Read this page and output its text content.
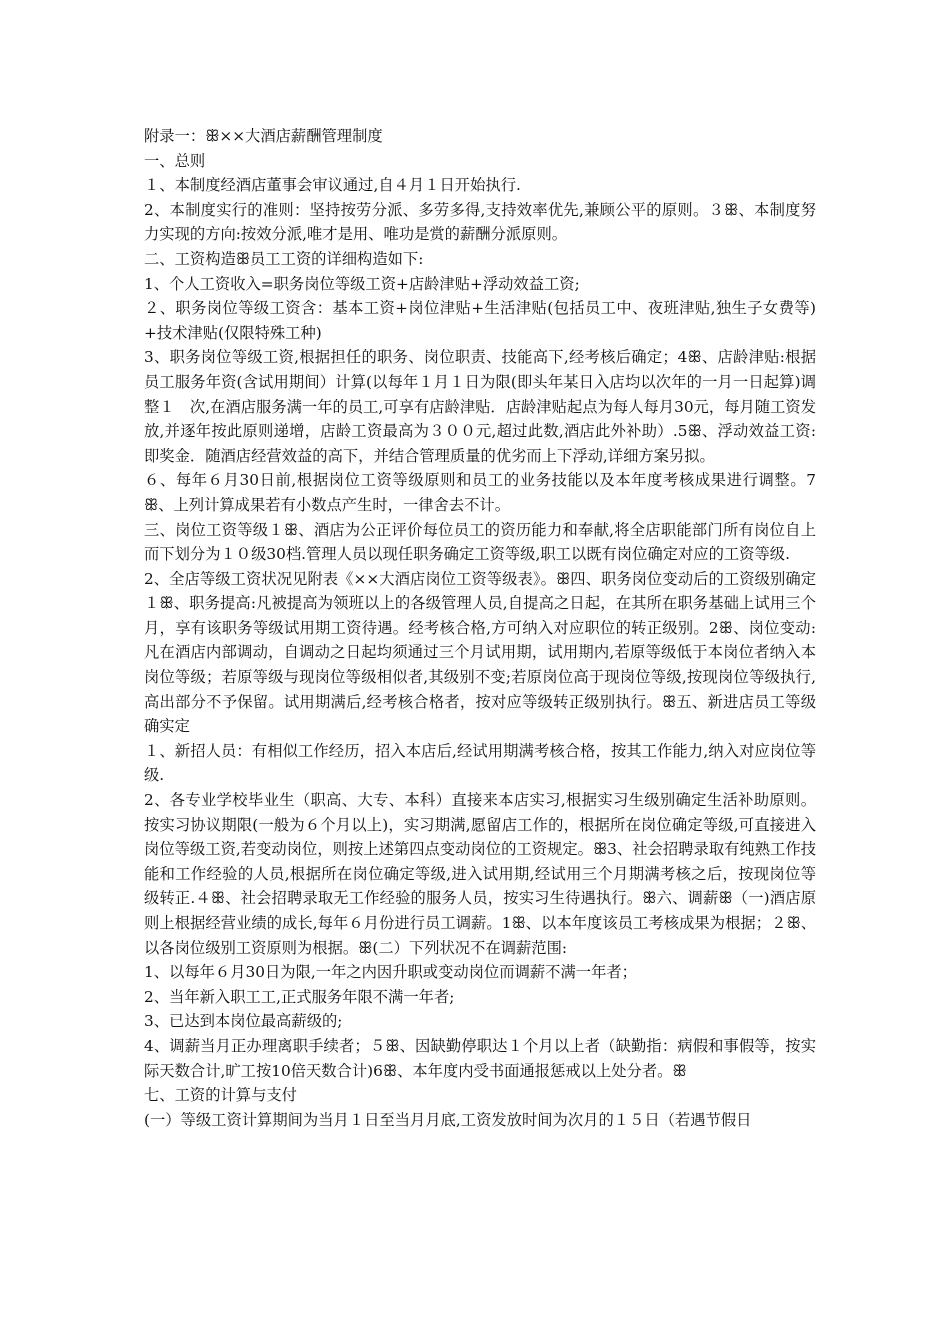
附录一：ꕥ××大酒店薪酬管理制度

一、总则

１、本制度经酒店董事会审议通过,自４月１日开始执行.

2、本制度实行的准则：坚持按劳分派、多劳多得,支持效率优先,兼顾公平的原则。３ꕥ、本制度努力实现的方向:按效分派,唯才是用、唯功是赏的薪酬分派原则。

二、工资构造ꕥ员工工资的详细构造如下:

1、个人工资收入=职务岗位等级工资+店龄津贴+浮动效益工资;

２、职务岗位等级工资含：基本工资+岗位津贴+生活津贴(包括员工中、夜班津贴,独生子女费等)+技术津贴(仅限特殊工种)

3、职务岗位等级工资,根据担任的职务、岗位职责、技能高下,经考核后确定；4ꕥ、店龄津贴:根据员工服务年资(含试用期间）计算(以每年１月１日为限(即头年某日入店均以次年的一月一日起算)调整１　次,在酒店服务满一年的员工,可享有店龄津贴．店龄津贴起点为每人每月30元，每月随工资发放,并逐年按此原则递增，店龄工资最高为３００元,超过此数,酒店此外补助）.5ꕥ、浮动效益工资:即奖金．随酒店经营效益的高下，并结合管理质量的优劣而上下浮动,详细方案另拟。

６、每年６月30日前,根据岗位工资等级原则和员工的业务技能以及本年度考核成果进行调整。7ꕥ、上列计算成果若有小数点产生时，一律舍去不计。

三、岗位工资等级１ꕥ、酒店为公正评价每位员工的资历能力和奉献,将全店职能部门所有岗位自上而下划分为１０级30档.管理人员以现任职务确定工资等级,职工以既有岗位确定对应的工资等级.

2、全店等级工资状况见附表《××大酒店岗位工资等级表》。ꕥ四、职务岗位变动后的工资级别确定１ꕥ、职务提高:凡被提高为领班以上的各级管理人员,自提高之日起，在其所在职务基础上试用三个月，享有该职务等级试用期工资待遇。经考核合格,方可纳入对应职位的转正级别。2ꕥ、岗位变动:凡在酒店内部调动，自调动之日起均须通过三个月试用期，试用期内,若原等级低于本岗位者纳入本岗位等级；若原等级与现岗位等级相似者,其级别不变;若原岗位高于现岗位等级,按现岗位等级执行,高出部分不予保留。试用期满后,经考核合格者，按对应等级转正级别执行。ꕥ五、新进店员工等级确实定

１、新招人员：有相似工作经历，招入本店后,经试用期满考核合格，按其工作能力,纳入对应岗位等级.

2、各专业学校毕业生（职高、大专、本科）直接来本店实习,根据实习生级别确定生活补助原则。按实习协议期限(一般为６个月以上)，实习期满,愿留店工作的，根据所在岗位确定等级,可直接进入岗位等级工资,若变动岗位，则按上述第四点变动岗位的工资规定。ꕥ3、社会招聘录取有纯熟工作技能和工作经验的人员,根据所在岗位确定等级,进入试用期,经试用三个月期满考核之后，按现岗位等级转正.４ꕥ、社会招聘录取无工作经验的服务人员，按实习生待遇执行。ꕥ六、调薪ꕥ（一)酒店原则上根据经营业绩的成长,每年６月份进行员工调薪。1ꕥ、以本年度该员工考核成果为根据；２ꕥ、以各岗位级别工资原则为根据。ꕥ(二）下列状况不在调薪范围:

1、以每年６月30日为限,一年之内因升职或变动岗位而调薪不满一年者；

2、当年新入职工工,正式服务年限不满一年者;

3、已达到本岗位最高薪级的;

4、调薪当月正办理离职手续者；５ꕥ、因缺勤停职达１个月以上者（缺勤指：病假和事假等，按实际天数合计,旷工按10倍天数合计)6ꕥ、本年度内受书面通报惩戒以上处分者。ꕥ

七、工资的计算与支付

(一）等级工资计算期间为当月１日至当月月底,工资发放时间为次月的１５日（若遇节假日
